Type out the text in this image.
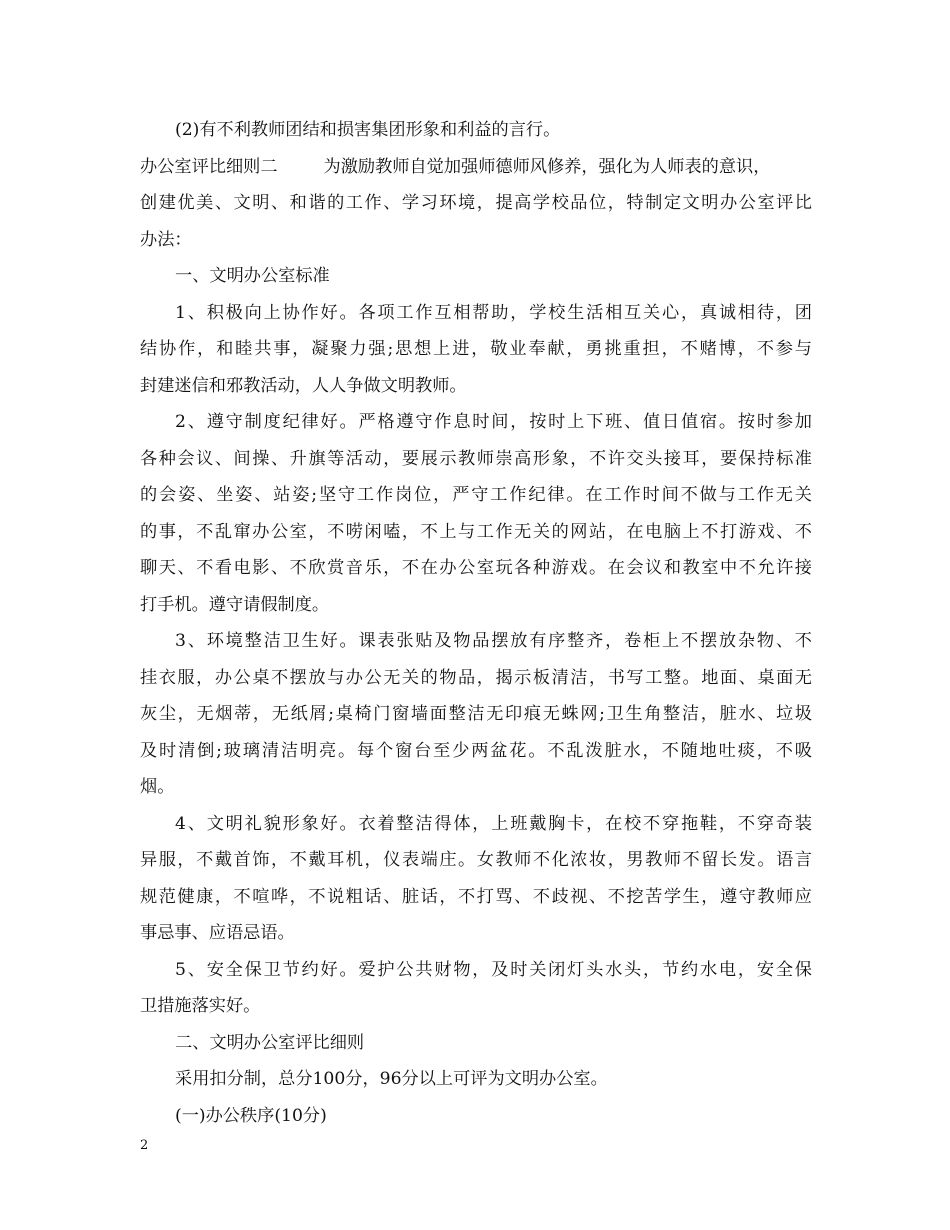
(2)有不利教师团结和损害集团形象和利益的言行。
办公室评比细则二	为激励教师自觉加强师德师风修养，强化为人师表的意识，
创建优美、文明、和谐的工作、学习环境，提高学校品位，特制定文明办公室评比
办法：
一、文明办公室标准
1、积极向上协作好。各项工作互相帮助，学校生活相互关心，真诚相待，团
结协作，和睦共事，凝聚力强;思想上进，敬业奉献，勇挑重担，不赌博，不参与
封建迷信和邪教活动，人人争做文明教师。
2、遵守制度纪律好。严格遵守作息时间，按时上下班、值日值宿。按时参加
各种会议、间操、升旗等活动，要展示教师崇高形象，不许交头接耳，要保持标准
的会姿、坐姿、站姿;坚守工作岗位，严守工作纪律。在工作时间不做与工作无关
的事，不乱窜办公室，不唠闲嗑，不上与工作无关的网站，在电脑上不打游戏、不
聊天、不看电影、不欣赏音乐，不在办公室玩各种游戏。在会议和教室中不允许接
打手机。遵守请假制度。
3、环境整洁卫生好。课表张贴及物品摆放有序整齐，卷柜上不摆放杂物、不
挂衣服，办公桌不摆放与办公无关的物品，揭示板清洁，书写工整。地面、桌面无
灰尘，无烟蒂，无纸屑;桌椅门窗墙面整洁无印痕无蛛网;卫生角整洁，脏水、垃圾
及时清倒;玻璃清洁明亮。每个窗台至少两盆花。不乱泼脏水，不随地吐痰，不吸
烟。
4、文明礼貌形象好。衣着整洁得体，上班戴胸卡，在校不穿拖鞋，不穿奇装
异服，不戴首饰，不戴耳机，仪表端庄。女教师不化浓妆，男教师不留长发。语言
规范健康，不喧哗，不说粗话、脏话，不打骂、不歧视、不挖苦学生，遵守教师应
事忌事、应语忌语。
5、安全保卫节约好。爱护公共财物，及时关闭灯头水头，节约水电，安全保
卫措施落实好。
二、文明办公室评比细则
采用扣分制，总分100分，96分以上可评为文明办公室。
(一)办公秩序(10分)
2
